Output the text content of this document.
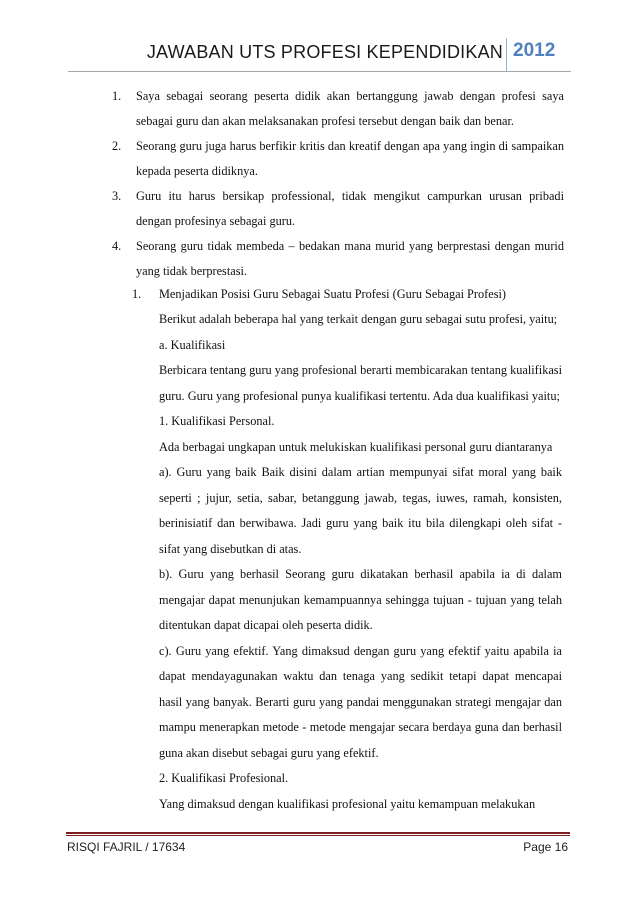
JAWABAN UTS PROFESI KEPENDIDIKAN 2012
1. Saya sebagai seorang peserta didik akan bertanggung jawab dengan profesi saya sebagai guru dan akan melaksanakan profesi tersebut dengan baik dan benar.
2. Seorang guru juga harus berfikir kritis dan kreatif dengan apa yang ingin di sampaikan kepada peserta didiknya.
3. Guru itu harus bersikap professional, tidak mengikut campurkan urusan pribadi dengan profesinya sebagai guru.
4. Seorang guru tidak membeda – bedakan mana murid yang berprestasi dengan murid yang tidak berprestasi.
1. Menjadikan Posisi Guru Sebagai Suatu Profesi (Guru Sebagai Profesi)

Berikut adalah beberapa hal yang terkait dengan guru sebagai sutu profesi, yaitu;

a. Kualifikasi

Berbicara tentang guru yang profesional berarti membicarakan tentang kualifikasi guru. Guru yang profesional punya kualifikasi tertentu. Ada dua kualifikasi yaitu;

1. Kualifikasi Personal.

Ada berbagai ungkapan untuk melukiskan kualifikasi personal guru diantaranya

a). Guru yang baik Baik disini dalam artian mempunyai sifat moral yang baik seperti ; jujur, setia, sabar, betanggung jawab, tegas, iuwes, ramah, konsisten, berinisiatif dan berwibawa. Jadi guru yang baik itu bila dilengkapi oleh sifat - sifat yang disebutkan di atas.

b). Guru yang berhasil Seorang guru dikatakan berhasil apabila ia di dalam mengajar dapat menunjukan kemampuannya sehingga tujuan - tujuan yang telah ditentukan dapat dicapai oleh peserta didik.

c). Guru yang efektif. Yang dimaksud dengan guru yang efektif yaitu apabila ia dapat mendayagunakan waktu dan tenaga yang sedikit tetapi dapat mencapai hasil yang banyak. Berarti guru yang pandai menggunakan strategi mengajar dan mampu menerapkan metode - metode mengajar secara berdaya guna dan berhasil guna akan disebut sebagai guru yang efektif.

2. Kualifikasi Profesional.

Yang dimaksud dengan kualifikasi profesional yaitu kemampuan melakukan

RISQI FAJRIL / 17634	Page 16
